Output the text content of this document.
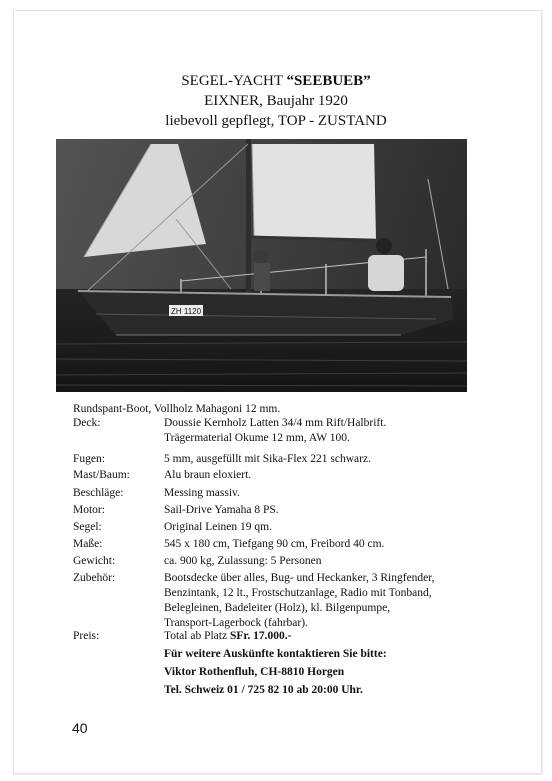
SEGEL-YACHT “SEEBUEB”
EIXNER, Baujahr 1920
liebevoll gepflegt, TOP - ZUSTAND
ZH 1120
Rundspant-Boot, Vollholz Mahagoni 12 mm.
Deck:	Doussie Kernholz Latten 34/4 mm Rift/Halbrift.
Trägermaterial Okume 12 mm, AW 100.
Fugen:	5 mm, ausgefüllt mit Sika-Flex 221 schwarz.
Mast/Baum:	Alu braun eloxiert.
Beschläge:	Messing massiv.
Motor:	Sail-Drive Yamaha 8 PS.
Segel:	Original Leinen 19 qm.
Maße:	545 x 180 cm, Tiefgang 90 cm, Freibord 40 cm.
Gewicht:	ca. 900 kg, Zulassung: 5 Personen
Zubehör:	Bootsdecke über alles, Bug- und Heckanker, 3 Ringfender,
Benzintank, 12 lt., Frostschutzanlage, Radio mit Tonband,
Belegleinen, Badeleiter (Holz), kl. Bilgenpumpe,
Transport-Lagerbock (fahrbar).
Preis:	Total ab Platz SFr. 17.000.-
Für weitere Auskünfte kontaktieren Sie bitte:
Viktor Rothenfluh, CH-8810 Horgen
Tel. Schweiz 01 / 725 82 10 ab 20:00 Uhr.
40
